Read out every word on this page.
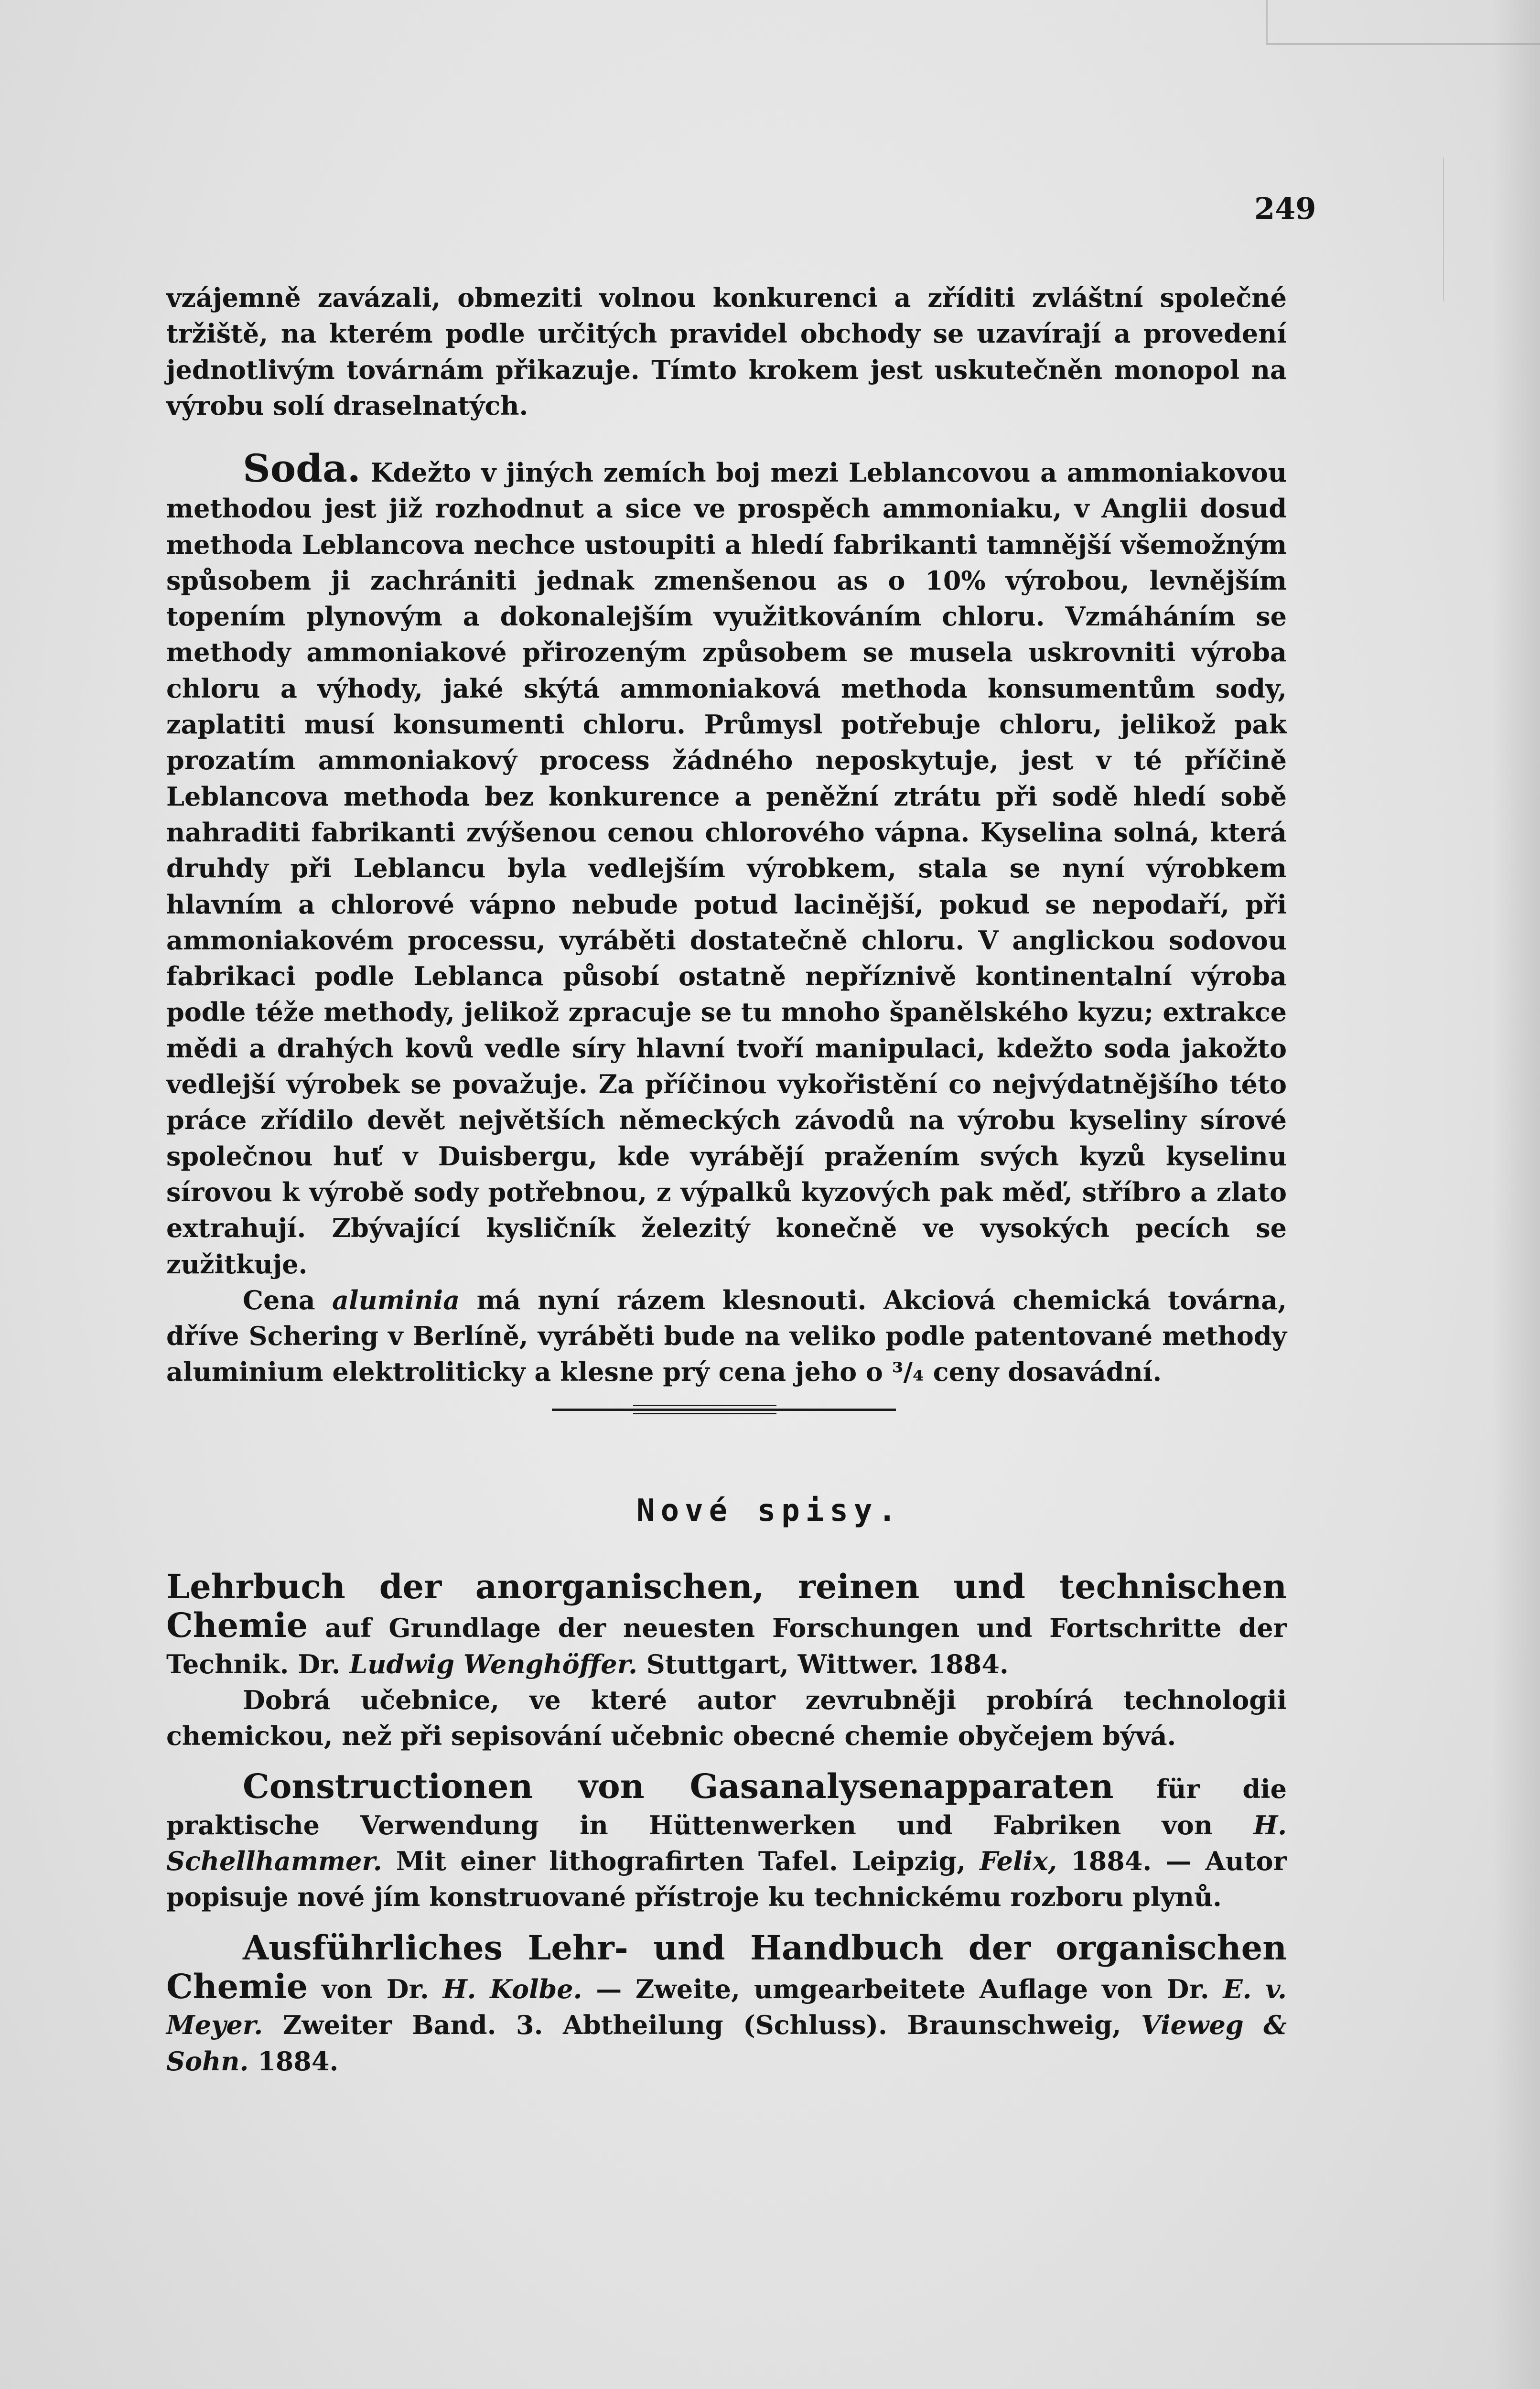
249

vzájemně zavázali, obmeziti volnou konkurenci a zříditi zvláštní společné tržiště, na kterém podle určitých pravidel obchody se uzavírají a provedení jednotlivým továrnám přikazuje. Tímto krokem jest uskutečněn monopol na výrobu solí draselnatých.

Soda. Kdežto v jiných zemích boj mezi Leblancovou a ammoniakovou methodou jest již rozhodnut a sice ve prospěch ammoniaku, v Anglii dosud methoda Leblancova nechce ustoupiti a hledí fabrikanti tamnější všemožným spůsobem ji zachrániti jednak zmenšenou as o 10% výrobou, levnějším topením plynovým a dokonalejším využitkováním chloru. Vzmáháním se methody ammoniakové přirozeným způsobem se musela uskrovniti výroba chloru a výhody, jaké skýtá ammoniaková methoda konsumentům sody, zaplatiti musí konsumenti chloru. Průmysl potřebuje chloru, jelikož pak prozatím ammoniakový process žádného neposkytuje, jest v té příčině Leblancova methoda bez konkurence a peněžní ztrátu při sodě hledí sobě nahraditi fabrikanti zvýšenou cenou chlorového vápna. Kyselina solná, která druhdy při Leblancu byla vedlejším výrobkem, stala se nyní výrobkem hlavním a chlorové vápno nebude potud lacinější, pokud se nepodaří, při ammoniakovém processu, vyráběti dostatečně chloru. V anglickou sodovou fabrikaci podle Leblanca působí ostatně nepříznivě kontinentalní výroba podle téže methody, jelikož zpracuje se tu mnoho španělského kyzu; extrakce mědi a drahých kovů vedle síry hlavní tvoří manipulaci, kdežto soda jakožto vedlejší výrobek se považuje. Za příčinou vykořistění co nejvýdatnějšího této práce zřídilo devět největších německých závodů na výrobu kyseliny sírové společnou huť v Duisbergu, kde vyrábějí pražením svých kyzů kyselinu sírovou k výrobě sody potřebnou, z výpalků kyzových pak měď, stříbro a zlato extrahují. Zbývající kysličník železitý konečně ve vysokých pecích se zužitkuje.

Cena aluminia má nyní rázem klesnouti. Akciová chemická továrna, dříve Schering v Berlíně, vyráběti bude na veliko podle patentované methody aluminium elektroliticky a klesne prý cena jeho o ³/₄ ceny dosavádní.

Nové spisy.

Lehrbuch der anorganischen, reinen und technischen Chemie auf Grundlage der neuesten Forschungen und Fortschritte der Technik. Dr. Ludwig Wenghöffer. Stuttgart, Wittwer. 1884.

Dobrá učebnice, ve které autor zevrubněji probírá technologii chemickou, než při sepisování učebnic obecné chemie obyčejem bývá.

Constructionen von Gasanalysenapparaten für die praktische Verwendung in Hüttenwerken und Fabriken von H. Schellhammer. Mit einer lithografirten Tafel. Leipzig, Felix, 1884. — Autor popisuje nové jím konstruované přístroje ku technickému rozboru plynů.

Ausführliches Lehr- und Handbuch der organischen Chemie von Dr. H. Kolbe. — Zweite, umgearbeitete Auflage von Dr. E. v. Meyer. Zweiter Band. 3. Abtheilung (Schluss). Braunschweig, Vieweg & Sohn. 1884.
